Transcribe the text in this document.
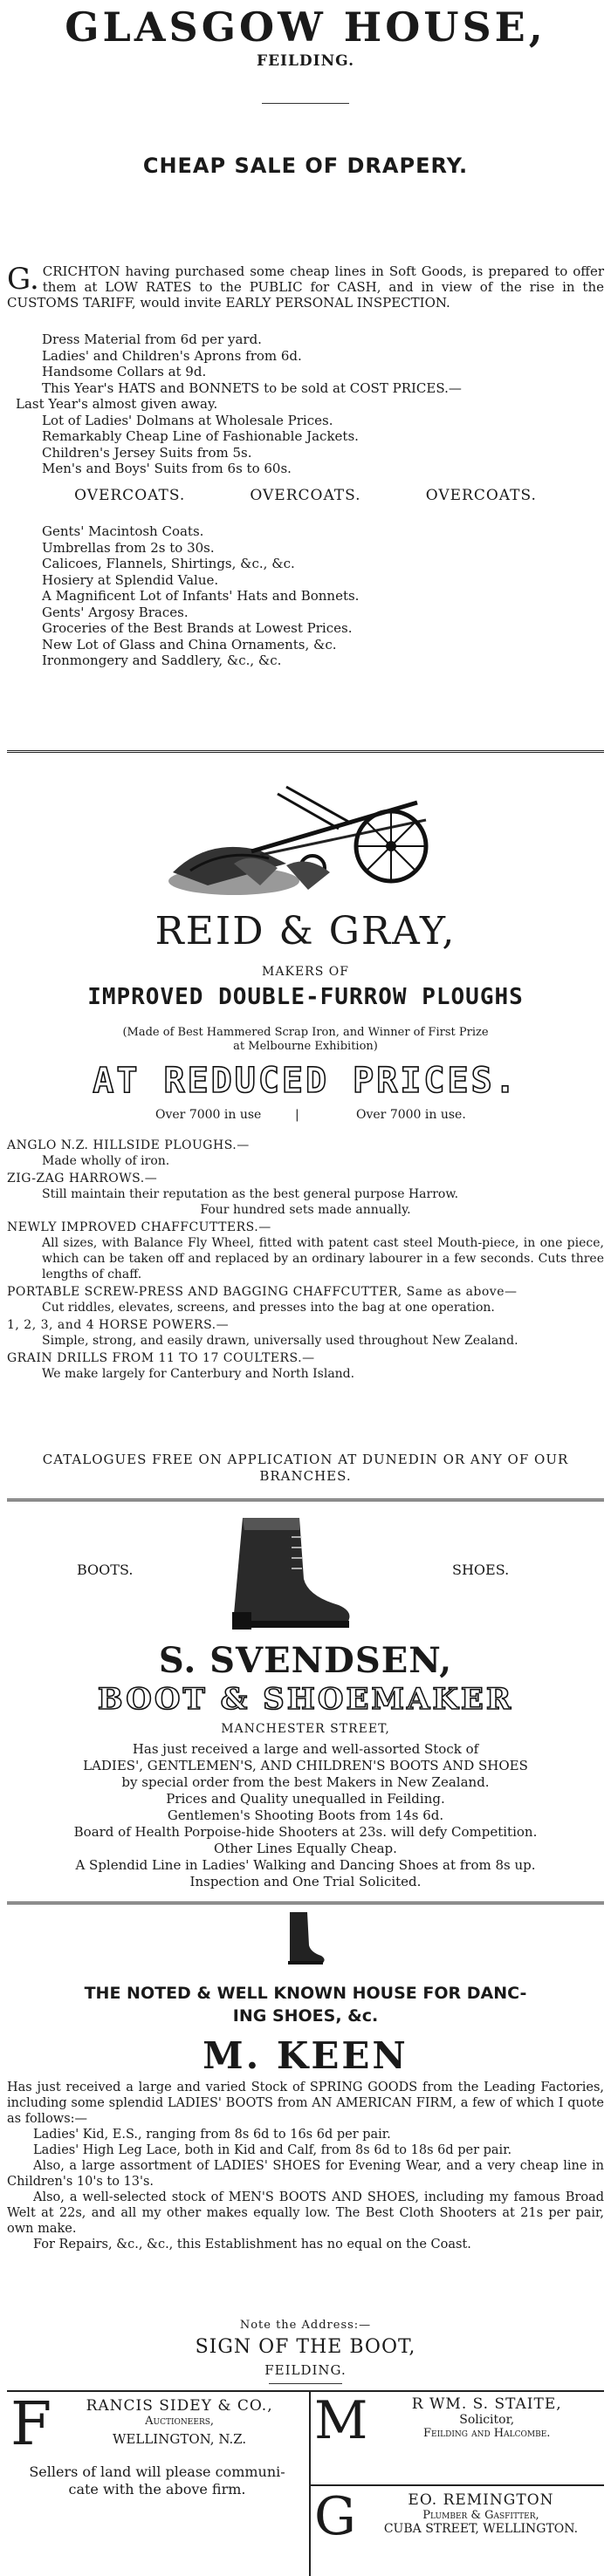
GLASGOW HOUSE,
FEILDING.
CHEAP SALE OF DRAPERY.
G. CRICHTON having purchased some cheap lines in Soft Goods, is prepared to offer them at LOW RATES to the PUBLIC for CASH, and in view of the rise in the CUSTOMS TARIFF, would invite EARLY PERSONAL INSPECTION.
Dress Material from 6d per yard.
Ladies' and Children's Aprons from 6d.
Handsome Collars at 9d.
This Year's HATS and BONNETS to be sold at COST PRICES.—
Last Year's almost given away.
Lot of Ladies' Dolmans at Wholesale Prices.
Remarkably Cheap Line of Fashionable Jackets.
Children's Jersey Suits from 5s.
Men's and Boys' Suits from 6s to 60s.
OVERCOATS.	OVERCOATS.	OVERCOATS.
Gents' Macintosh Coats.
Umbrellas from 2s to 30s.
Calicoes, Flannels, Shirtings, &c., &c.
Hosiery at Splendid Value.
A Magnificent Lot of Infants' Hats and Bonnets.
Gents' Argosy Braces.
Groceries of the Best Brands at Lowest Prices.
New Lot of Glass and China Ornaments, &c.
Ironmongery and Saddlery, &c., &c.
REID & GRAY,
MAKERS OF
IMPROVED DOUBLE-FURROW PLOUGHS
(Made of Best Hammered Scrap Iron, and Winner of First Prize
at Melbourne Exhibition)
AT REDUCED PRICES.
Over 7000 in use	|	Over 7000 in use.
ANGLO N.Z. HILLSIDE PLOUGHS.—
Made wholly of iron.
ZIG-ZAG HARROWS.—
Still maintain their reputation as the best general purpose Harrow.
Four hundred sets made annually.
NEWLY IMPROVED CHAFFCUTTERS.—
All sizes, with Balance Fly Wheel, fitted with patent cast steel Mouth-piece, in one piece, which can be taken off and replaced by an ordinary labourer in a few seconds. Cuts three lengths of chaff.
PORTABLE SCREW-PRESS AND BAGGING CHAFFCUTTER, Same as above—
Cut riddles, elevates, screens, and presses into the bag at one operation.
1, 2, 3, and 4 HORSE POWERS.—
Simple, strong, and easily drawn, universally used throughout New Zealand.
GRAIN DRILLS FROM 11 TO 17 COULTERS.—
We make largely for Canterbury and North Island.
CATALOGUES FREE ON APPLICATION AT DUNEDIN OR ANY OF OUR BRANCHES.
BOOTS.	SHOES.
S. SVENDSEN,
BOOT & SHOEMAKER
MANCHESTER STREET,
Has just received a large and well-assorted Stock of
LADIES', GENTLEMEN'S, AND CHILDREN'S BOOTS AND SHOES
by special order from the best Makers in New Zealand.
Prices and Quality unequalled in Feilding.
Gentlemen's Shooting Boots from 14s 6d.
Board of Health Porpoise-hide Shooters at 23s. will defy Competition.
Other Lines Equally Cheap.
A Splendid Line in Ladies' Walking and Dancing Shoes at from 8s up.
Inspection and One Trial Solicited.
THE NOTED & WELL KNOWN HOUSE FOR DANC-
ING SHOES, &c.
M. KEEN
Has just received a large and varied Stock of SPRING GOODS from the Leading Factories, including some splendid LADIES' BOOTS from AN AMERICAN FIRM, a few of which I quote as follows:—
Ladies' Kid, E.S., ranging from 8s 6d to 16s 6d per pair.
Ladies' High Leg Lace, both in Kid and Calf, from 8s 6d to 18s 6d per pair.
Also, a large assortment of LADIES' SHOES for Evening Wear, and a very cheap line in Children's 10's to 13's.
Also, a well-selected stock of MEN'S BOOTS AND SHOES, including my famous Broad Welt at 22s, and all my other makes equally low. The Best Cloth Shooters at 21s per pair, own make.
For Repairs, &c., &c., this Establishment has no equal on the Coast.
Note the Address:—
SIGN OF THE BOOT,
FEILDING.
F	RANCIS SIDEY & CO.,
Auctioneers,
WELLINGTON, N.Z.
Sellers of land will please communi-
cate with the above firm.
M	R WM. S. STAITE,
Solicitor,
Feilding and Halcombe.
G	EO. REMINGTON
Plumber & Gasfitter,
CUBA STREET, WELLINGTON.
